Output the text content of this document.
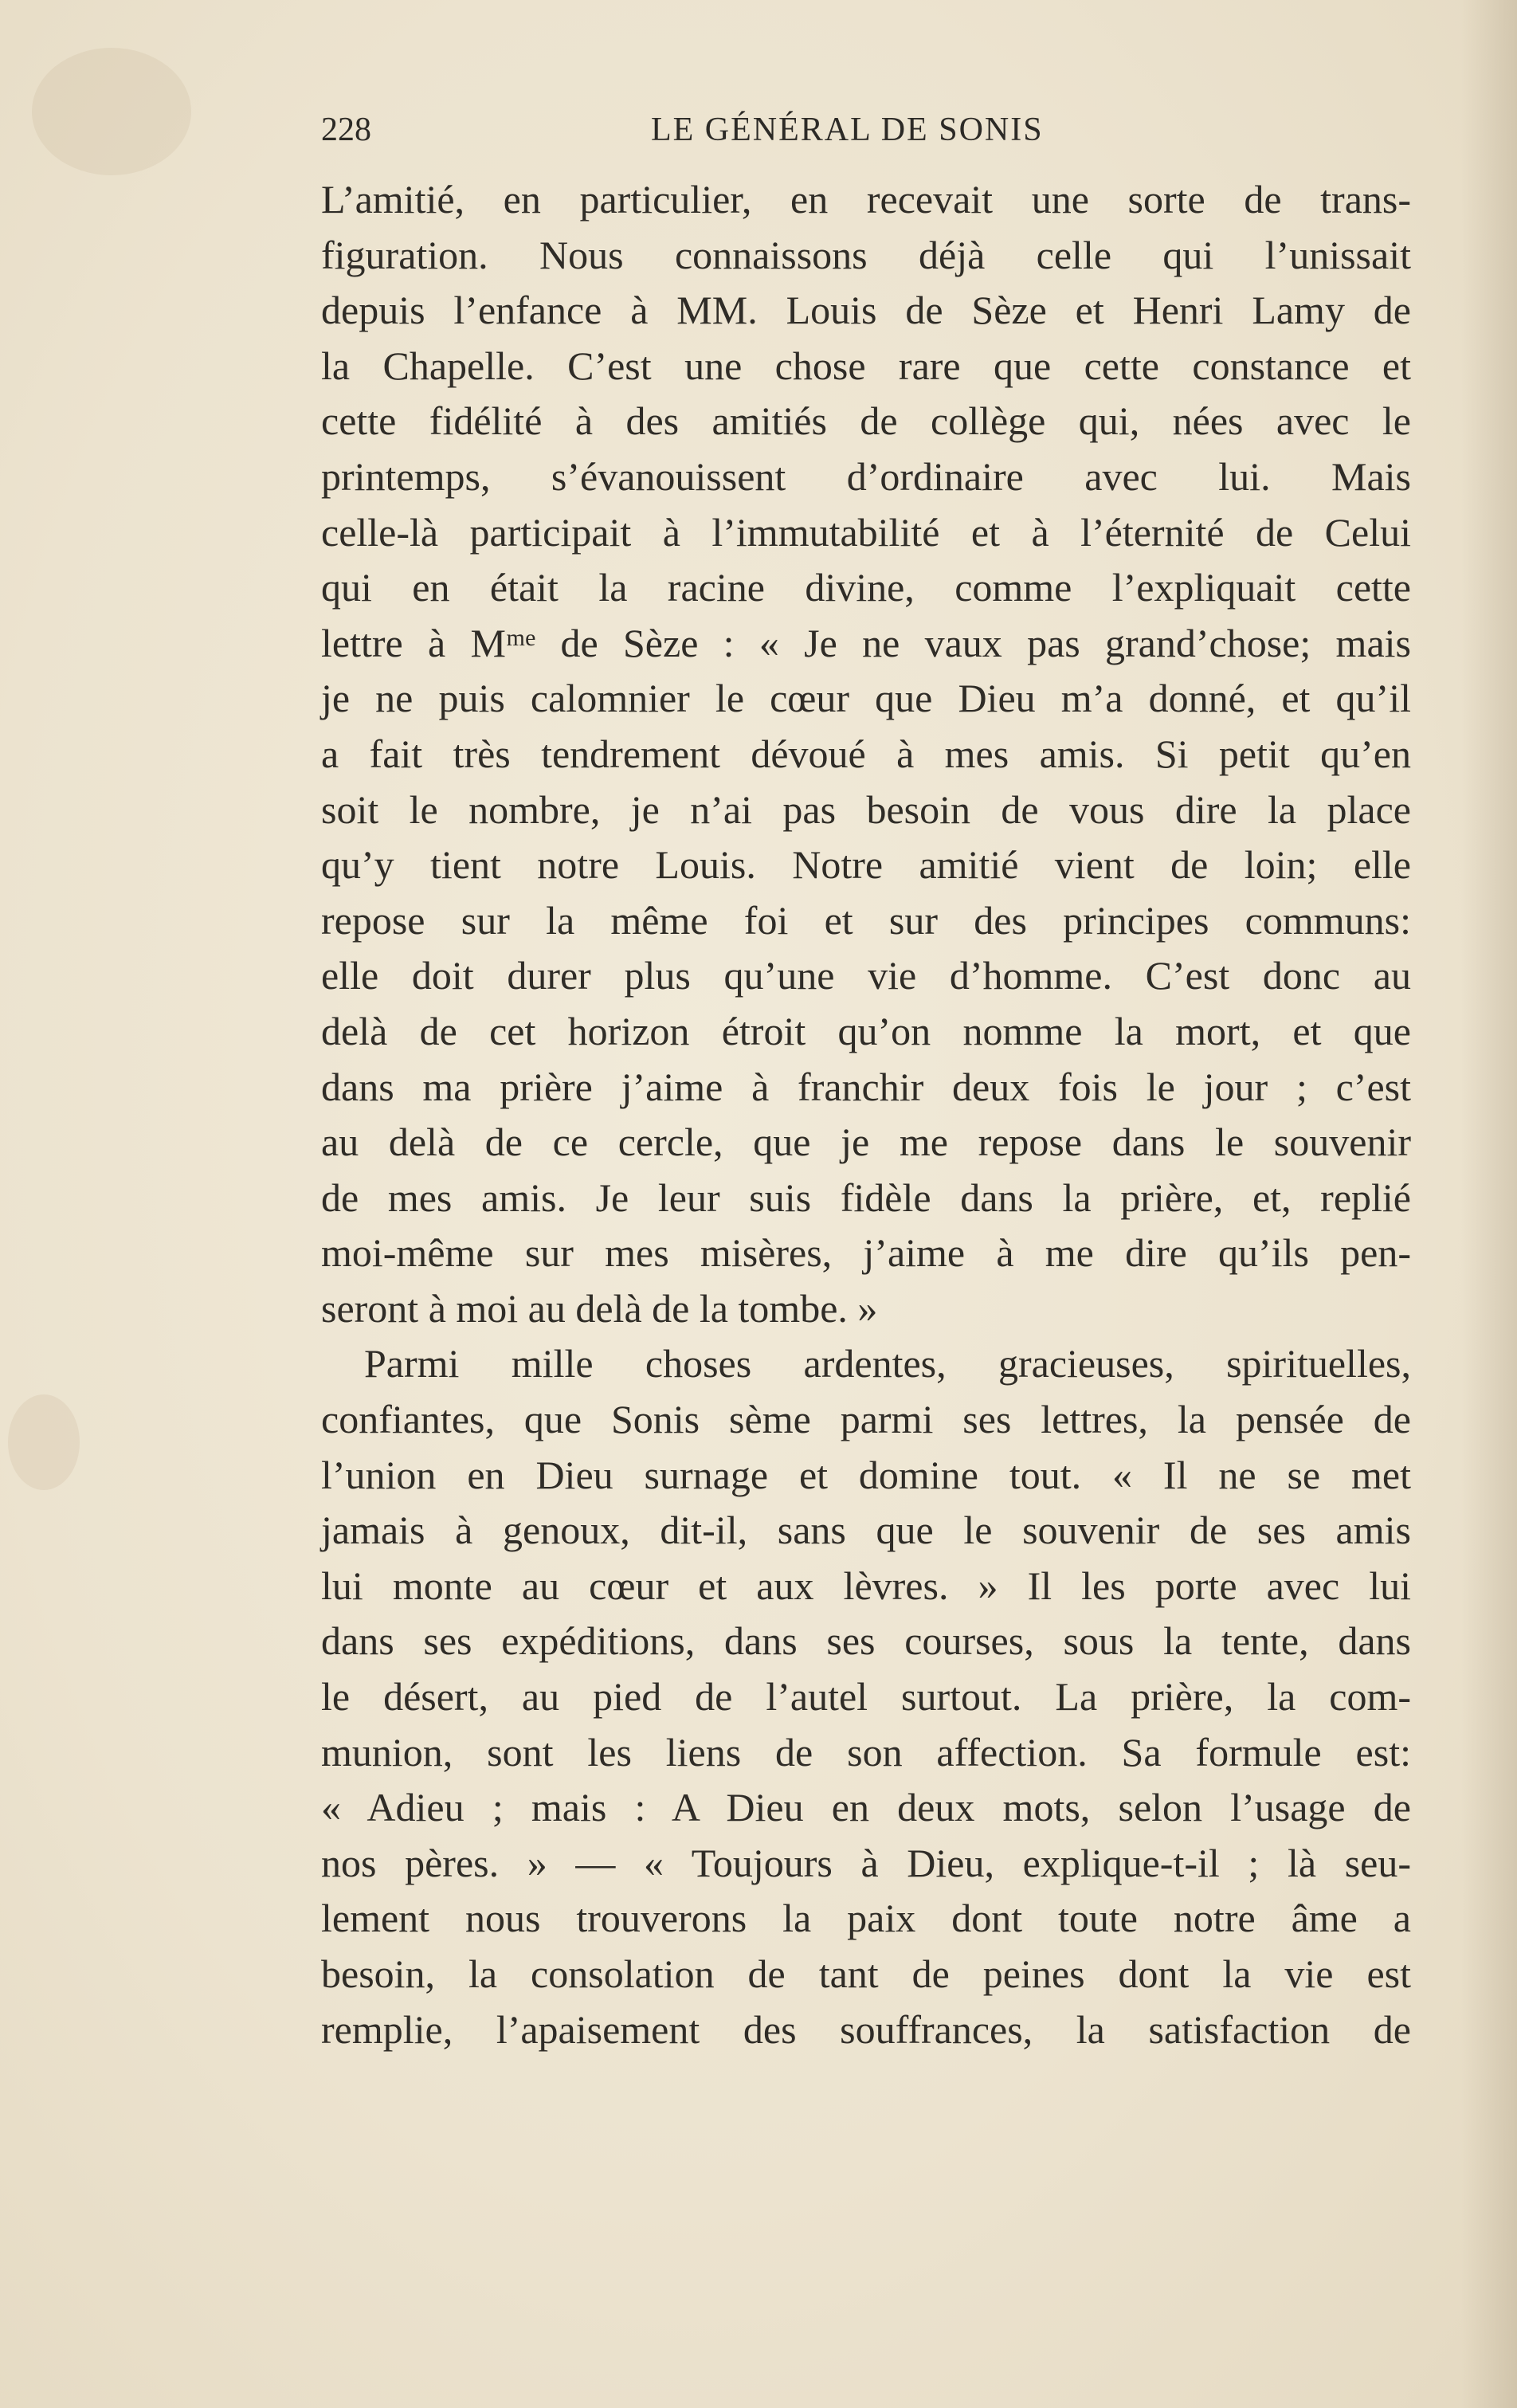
228	LE GÉNÉRAL DE SONIS
L’amitié, en particulier, en recevait une sorte de trans-
figuration. Nous connaissons déjà celle qui l’unissait
depuis l’enfance à MM. Louis de Sèze et Henri Lamy de
la Chapelle. C’est une chose rare que cette constance et
cette fidélité à des amitiés de collège qui, nées avec le
printemps, s’évanouissent d’ordinaire avec lui. Mais
celle-là participait à l’immutabilité et à l’éternité de Celui
qui en était la racine divine, comme l’expliquait cette
lettre à Mᵐᵉ de Sèze : « Je ne vaux pas grand’chose; mais
je ne puis calomnier le cœur que Dieu m’a donné, et qu’il
a fait très tendrement dévoué à mes amis. Si petit qu’en
soit le nombre, je n’ai pas besoin de vous dire la place
qu’y tient notre Louis. Notre amitié vient de loin; elle
repose sur la même foi et sur des principes communs:
elle doit durer plus qu’une vie d’homme. C’est donc au
delà de cet horizon étroit qu’on nomme la mort, et que
dans ma prière j’aime à franchir deux fois le jour ; c’est
au delà de ce cercle, que je me repose dans le souvenir
de mes amis. Je leur suis fidèle dans la prière, et, replié
moi-même sur mes misères, j’aime à me dire qu’ils pen-
seront à moi au delà de la tombe. »
Parmi mille choses ardentes, gracieuses, spirituelles,
confiantes, que Sonis sème parmi ses lettres, la pensée de
l’union en Dieu surnage et domine tout. « Il ne se met
jamais à genoux, dit-il, sans que le souvenir de ses amis
lui monte au cœur et aux lèvres. » Il les porte avec lui
dans ses expéditions, dans ses courses, sous la tente, dans
le désert, au pied de l’autel surtout. La prière, la com-
munion, sont les liens de son affection. Sa formule est:
« Adieu ; mais : A Dieu en deux mots, selon l’usage de
nos pères. » — « Toujours à Dieu, explique-t-il ; là seu-
lement nous trouverons la paix dont toute notre âme a
besoin, la consolation de tant de peines dont la vie est
remplie, l’apaisement des souffrances, la satisfaction de
